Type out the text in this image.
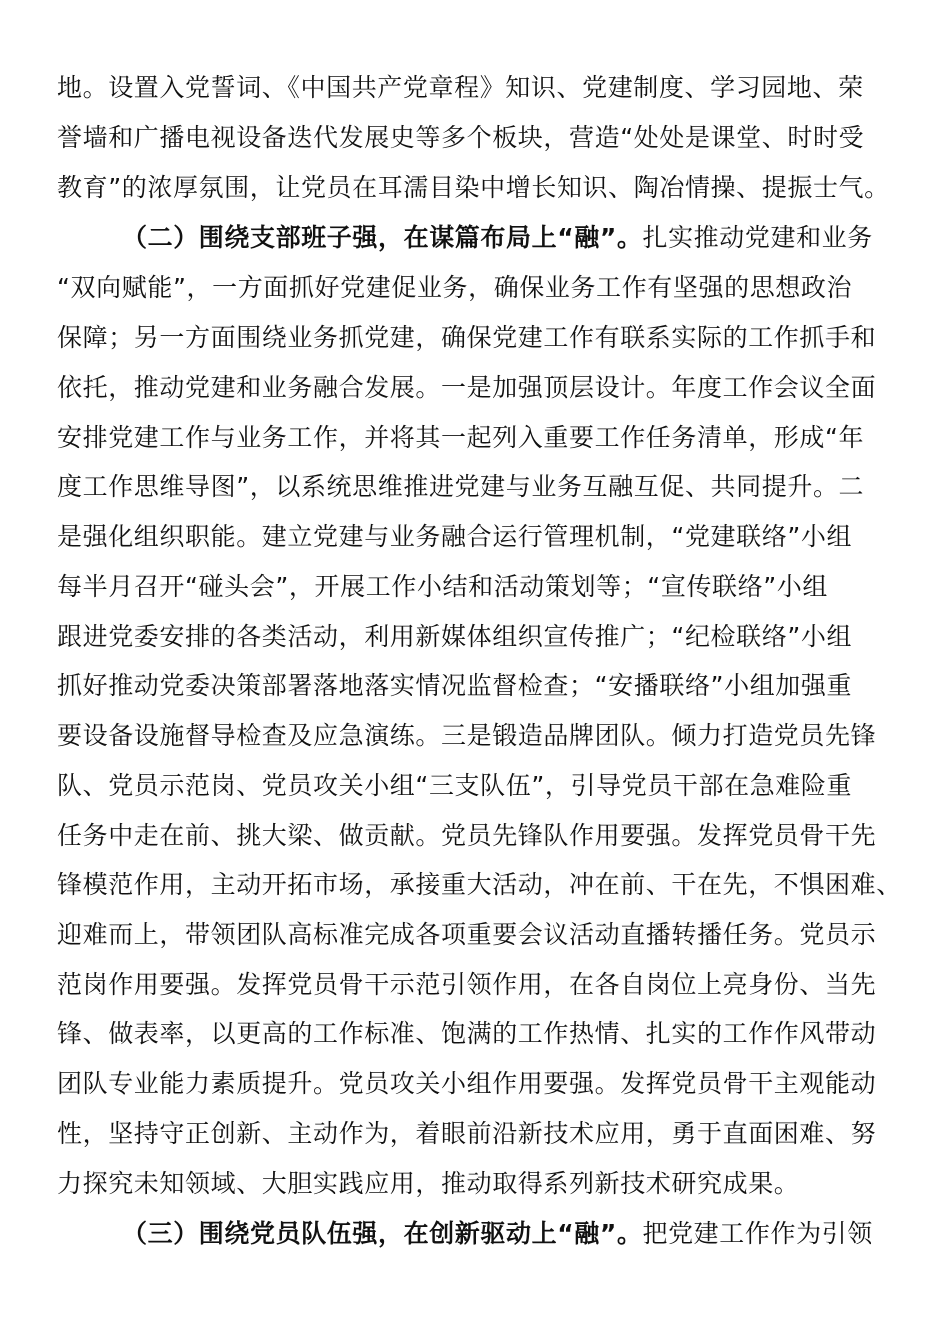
地。设置入党誓词、《中国共产党章程》知识、党建制度、学习园地、荣
誉墙和广播电视设备迭代发展史等多个板块，营造“处处是课堂、时时受
教育”的浓厚氛围，让党员在耳濡目染中增长知识、陶冶情操、提振士气。
（二）围绕支部班子强，在谋篇布局上“融”。扎实推动党建和业务
“双向赋能”，一方面抓好党建促业务，确保业务工作有坚强的思想政治
保障；另一方面围绕业务抓党建，确保党建工作有联系实际的工作抓手和
依托，推动党建和业务融合发展。一是加强顶层设计。年度工作会议全面
安排党建工作与业务工作，并将其一起列入重要工作任务清单，形成“年
度工作思维导图”，以系统思维推进党建与业务互融互促、共同提升。二
是强化组织职能。建立党建与业务融合运行管理机制，“党建联络”小组
每半月召开“碰头会”，开展工作小结和活动策划等；“宣传联络”小组
跟进党委安排的各类活动，利用新媒体组织宣传推广；“纪检联络”小组
抓好推动党委决策部署落地落实情况监督检查；“安播联络”小组加强重
要设备设施督导检查及应急演练。三是锻造品牌团队。倾力打造党员先锋
队、党员示范岗、党员攻关小组“三支队伍”，引导党员干部在急难险重
任务中走在前、挑大梁、做贡献。党员先锋队作用要强。发挥党员骨干先
锋模范作用，主动开拓市场，承接重大活动，冲在前、干在先，不惧困难、
迎难而上，带领团队高标准完成各项重要会议活动直播转播任务。党员示
范岗作用要强。发挥党员骨干示范引领作用，在各自岗位上亮身份、当先
锋、做表率，以更高的工作标准、饱满的工作热情、扎实的工作作风带动
团队专业能力素质提升。党员攻关小组作用要强。发挥党员骨干主观能动
性，坚持守正创新、主动作为，着眼前沿新技术应用，勇于直面困难、努
力探究未知领域、大胆实践应用，推动取得系列新技术研究成果。
（三）围绕党员队伍强，在创新驱动上“融”。把党建工作作为引领
